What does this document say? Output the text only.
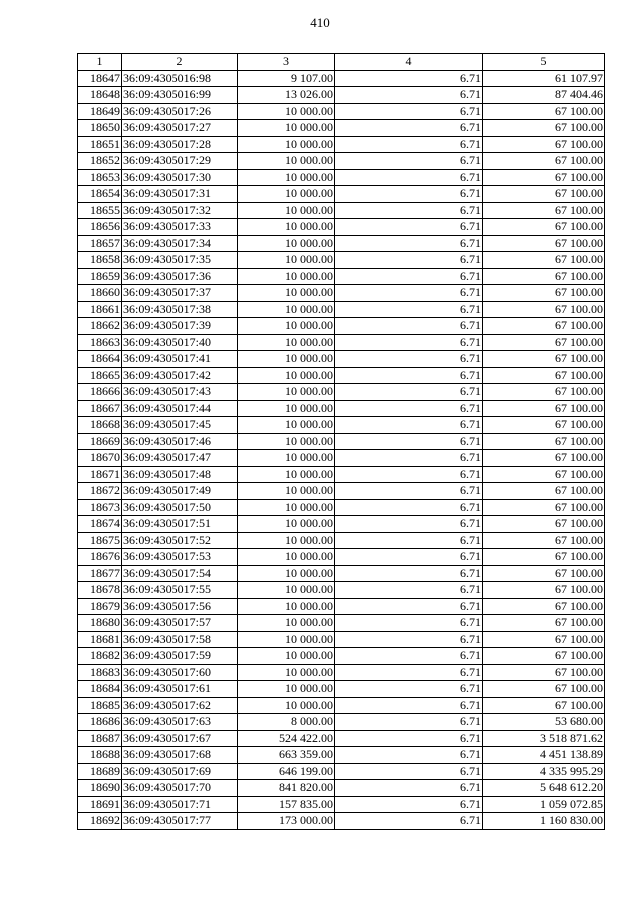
410
1	2	3	4	5
18647	36:09:4305016:98	9 107.00	6.71	61 107.97
18648	36:09:4305016:99	13 026.00	6.71	87 404.46
18649	36:09:4305017:26	10 000.00	6.71	67 100.00
18650	36:09:4305017:27	10 000.00	6.71	67 100.00
18651	36:09:4305017:28	10 000.00	6.71	67 100.00
18652	36:09:4305017:29	10 000.00	6.71	67 100.00
18653	36:09:4305017:30	10 000.00	6.71	67 100.00
18654	36:09:4305017:31	10 000.00	6.71	67 100.00
18655	36:09:4305017:32	10 000.00	6.71	67 100.00
18656	36:09:4305017:33	10 000.00	6.71	67 100.00
18657	36:09:4305017:34	10 000.00	6.71	67 100.00
18658	36:09:4305017:35	10 000.00	6.71	67 100.00
18659	36:09:4305017:36	10 000.00	6.71	67 100.00
18660	36:09:4305017:37	10 000.00	6.71	67 100.00
18661	36:09:4305017:38	10 000.00	6.71	67 100.00
18662	36:09:4305017:39	10 000.00	6.71	67 100.00
18663	36:09:4305017:40	10 000.00	6.71	67 100.00
18664	36:09:4305017:41	10 000.00	6.71	67 100.00
18665	36:09:4305017:42	10 000.00	6.71	67 100.00
18666	36:09:4305017:43	10 000.00	6.71	67 100.00
18667	36:09:4305017:44	10 000.00	6.71	67 100.00
18668	36:09:4305017:45	10 000.00	6.71	67 100.00
18669	36:09:4305017:46	10 000.00	6.71	67 100.00
18670	36:09:4305017:47	10 000.00	6.71	67 100.00
18671	36:09:4305017:48	10 000.00	6.71	67 100.00
18672	36:09:4305017:49	10 000.00	6.71	67 100.00
18673	36:09:4305017:50	10 000.00	6.71	67 100.00
18674	36:09:4305017:51	10 000.00	6.71	67 100.00
18675	36:09:4305017:52	10 000.00	6.71	67 100.00
18676	36:09:4305017:53	10 000.00	6.71	67 100.00
18677	36:09:4305017:54	10 000.00	6.71	67 100.00
18678	36:09:4305017:55	10 000.00	6.71	67 100.00
18679	36:09:4305017:56	10 000.00	6.71	67 100.00
18680	36:09:4305017:57	10 000.00	6.71	67 100.00
18681	36:09:4305017:58	10 000.00	6.71	67 100.00
18682	36:09:4305017:59	10 000.00	6.71	67 100.00
18683	36:09:4305017:60	10 000.00	6.71	67 100.00
18684	36:09:4305017:61	10 000.00	6.71	67 100.00
18685	36:09:4305017:62	10 000.00	6.71	67 100.00
18686	36:09:4305017:63	8 000.00	6.71	53 680.00
18687	36:09:4305017:67	524 422.00	6.71	3 518 871.62
18688	36:09:4305017:68	663 359.00	6.71	4 451 138.89
18689	36:09:4305017:69	646 199.00	6.71	4 335 995.29
18690	36:09:4305017:70	841 820.00	6.71	5 648 612.20
18691	36:09:4305017:71	157 835.00	6.71	1 059 072.85
18692	36:09:4305017:77	173 000.00	6.71	1 160 830.00
